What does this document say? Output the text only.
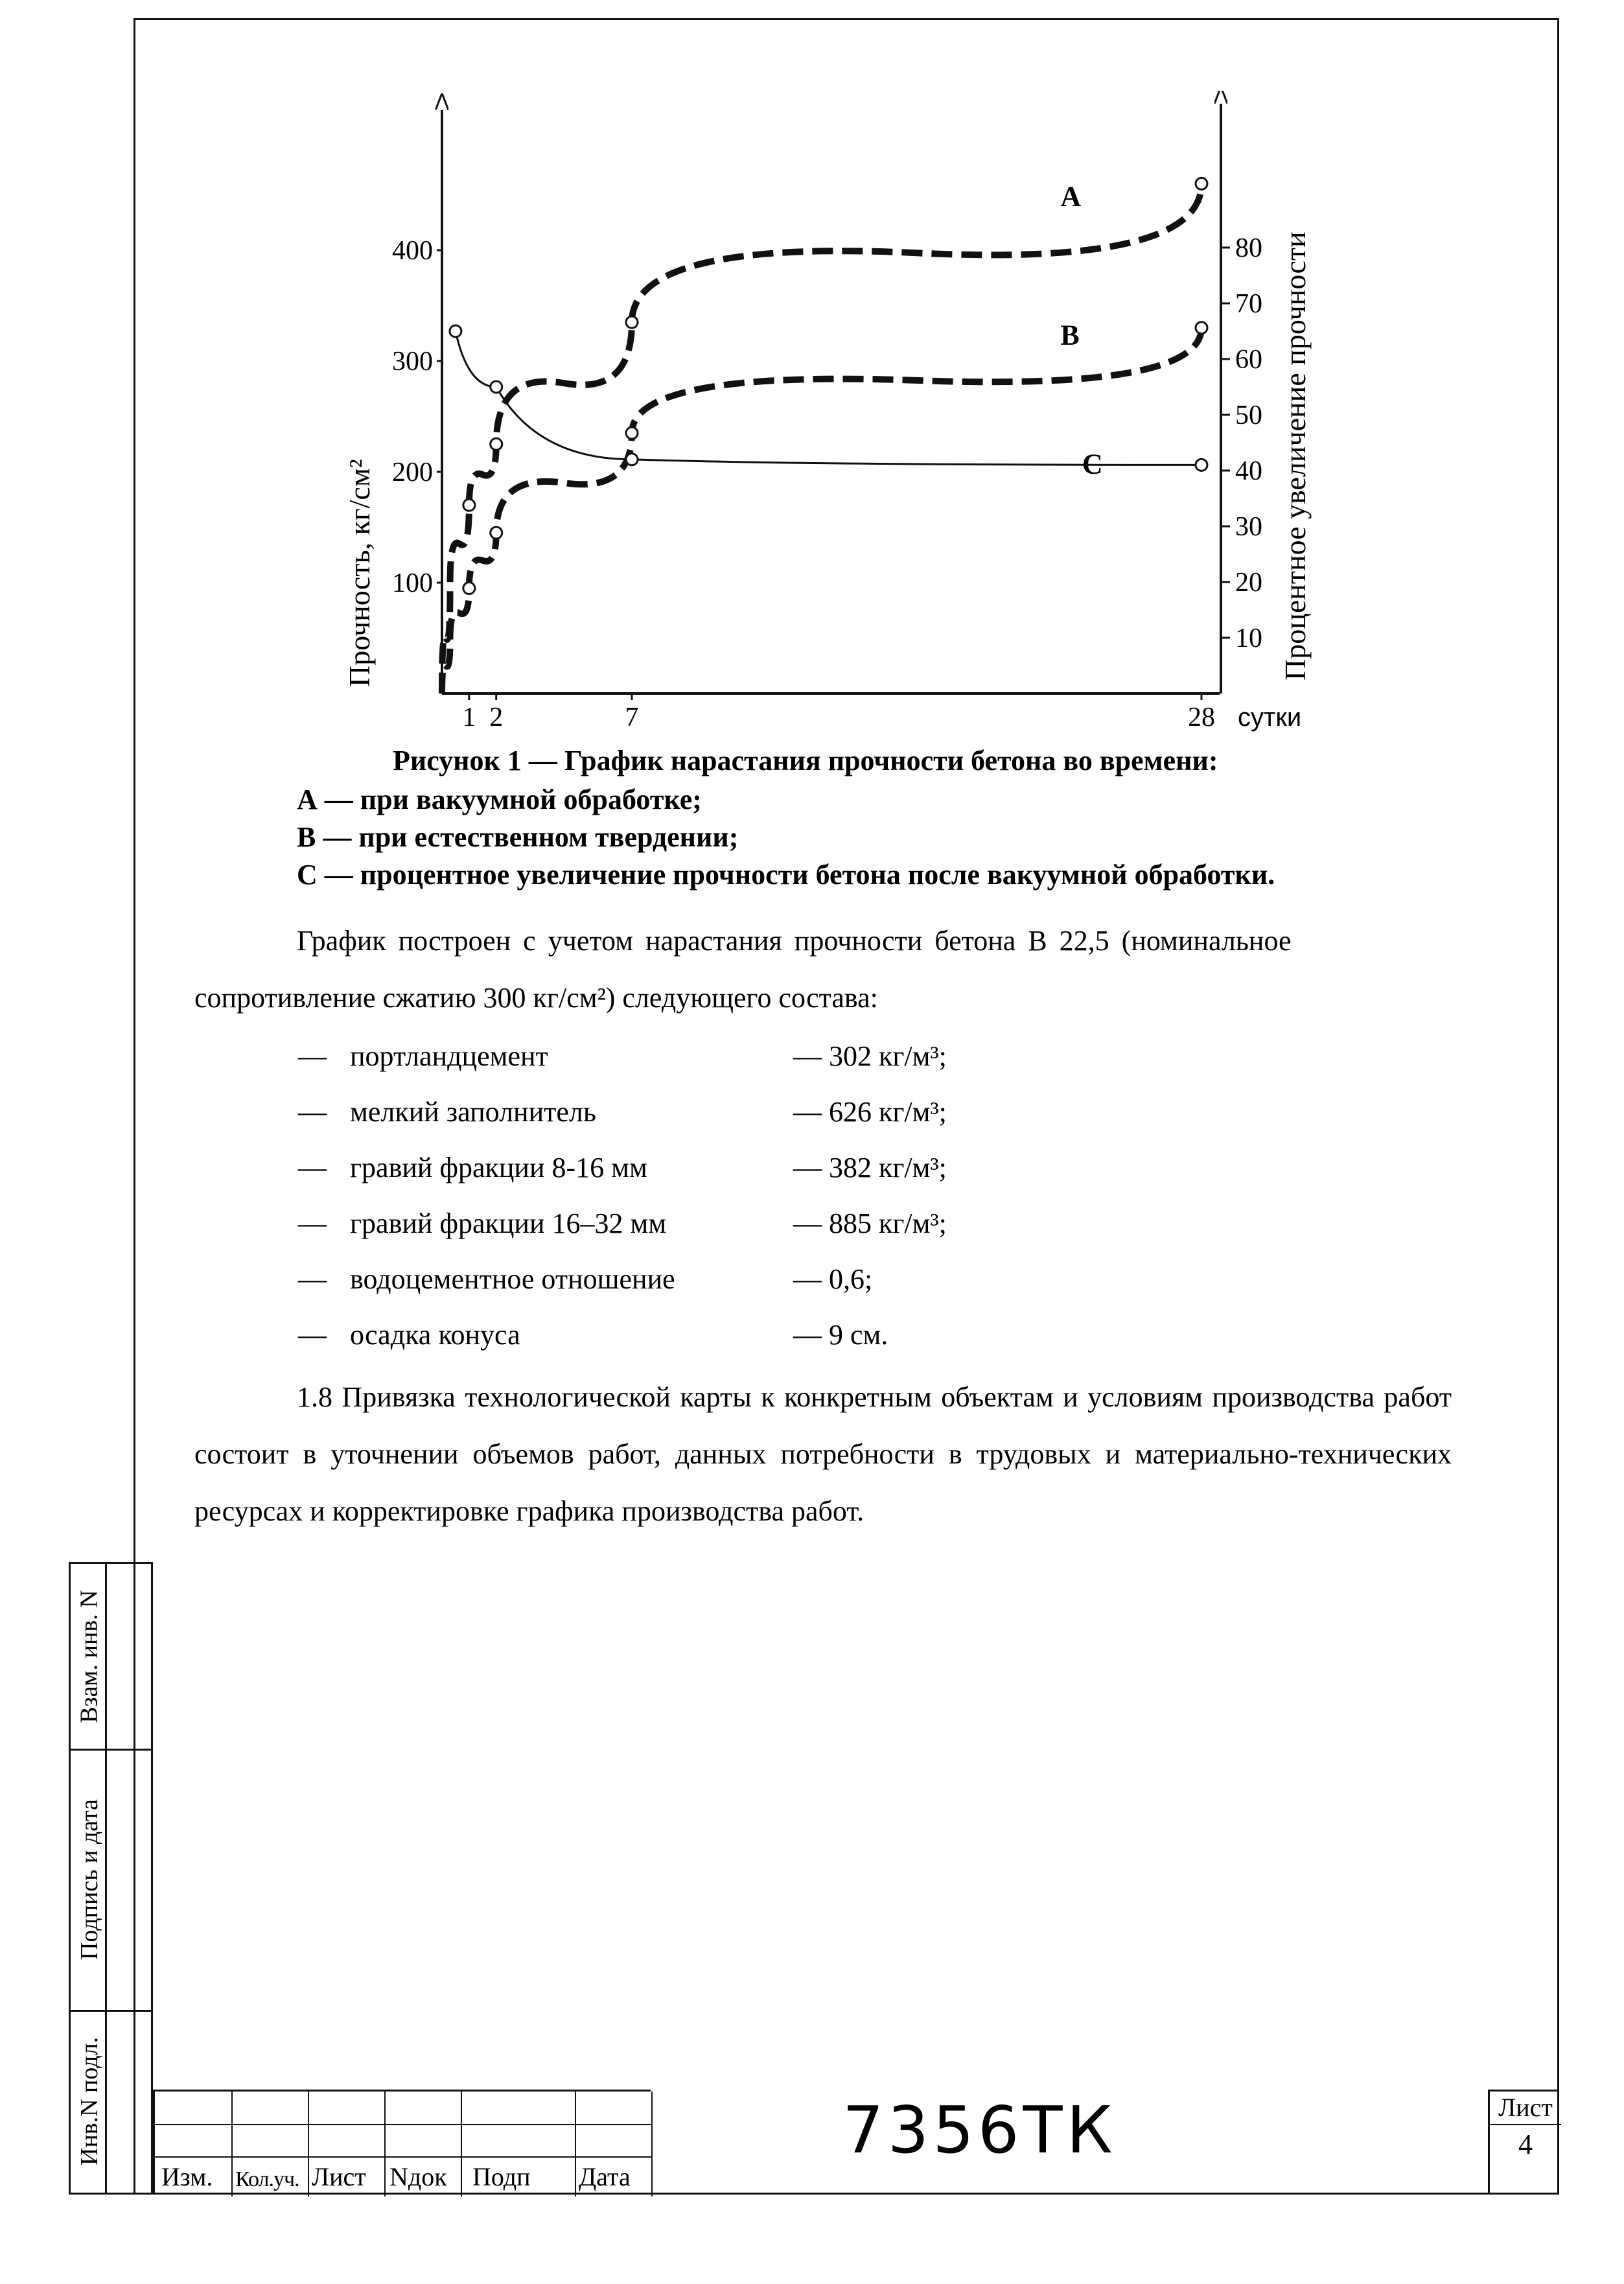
Взам. инв. N
Подпись и дата
Инв.N подл.
100
200
300
400
10
20
30
40
50
60
70
80
1 2	7	28 сутки
Прочность, кг/см²	Процентное увеличение прочности
A
B
C
Рисунок 1 — График нарастания прочности бетона во времени:
А — при вакуумной обработке;
В — при естественном твердении;
С — процентное увеличение прочности бетона после вакуумной обработки.
График построен с учетом нарастания прочности бетона В 22,5 (номинальное
сопротивление сжатию 300 кг/см²) следующего состава:
— портландцемент	— 302 кг/м³;
— мелкий заполнитель	— 626 кг/м³;
— гравий фракции 8-16 мм	— 382 кг/м³;
— гравий фракции 16–32 мм	— 885 кг/м³;
— водоцементное отношение	— 0,6;
— осадка конуса	— 9 см.
1.8 Привязка технологической карты к конкретным объектам и условиям производства работ состоит в уточнении объемов работ, данных потребности в трудовых и материально-технических ресурсах и корректировке графика производства работ.
Изм. Кол.уч. Лист Nдок Подп Дата
7356ТК	Лист
4
